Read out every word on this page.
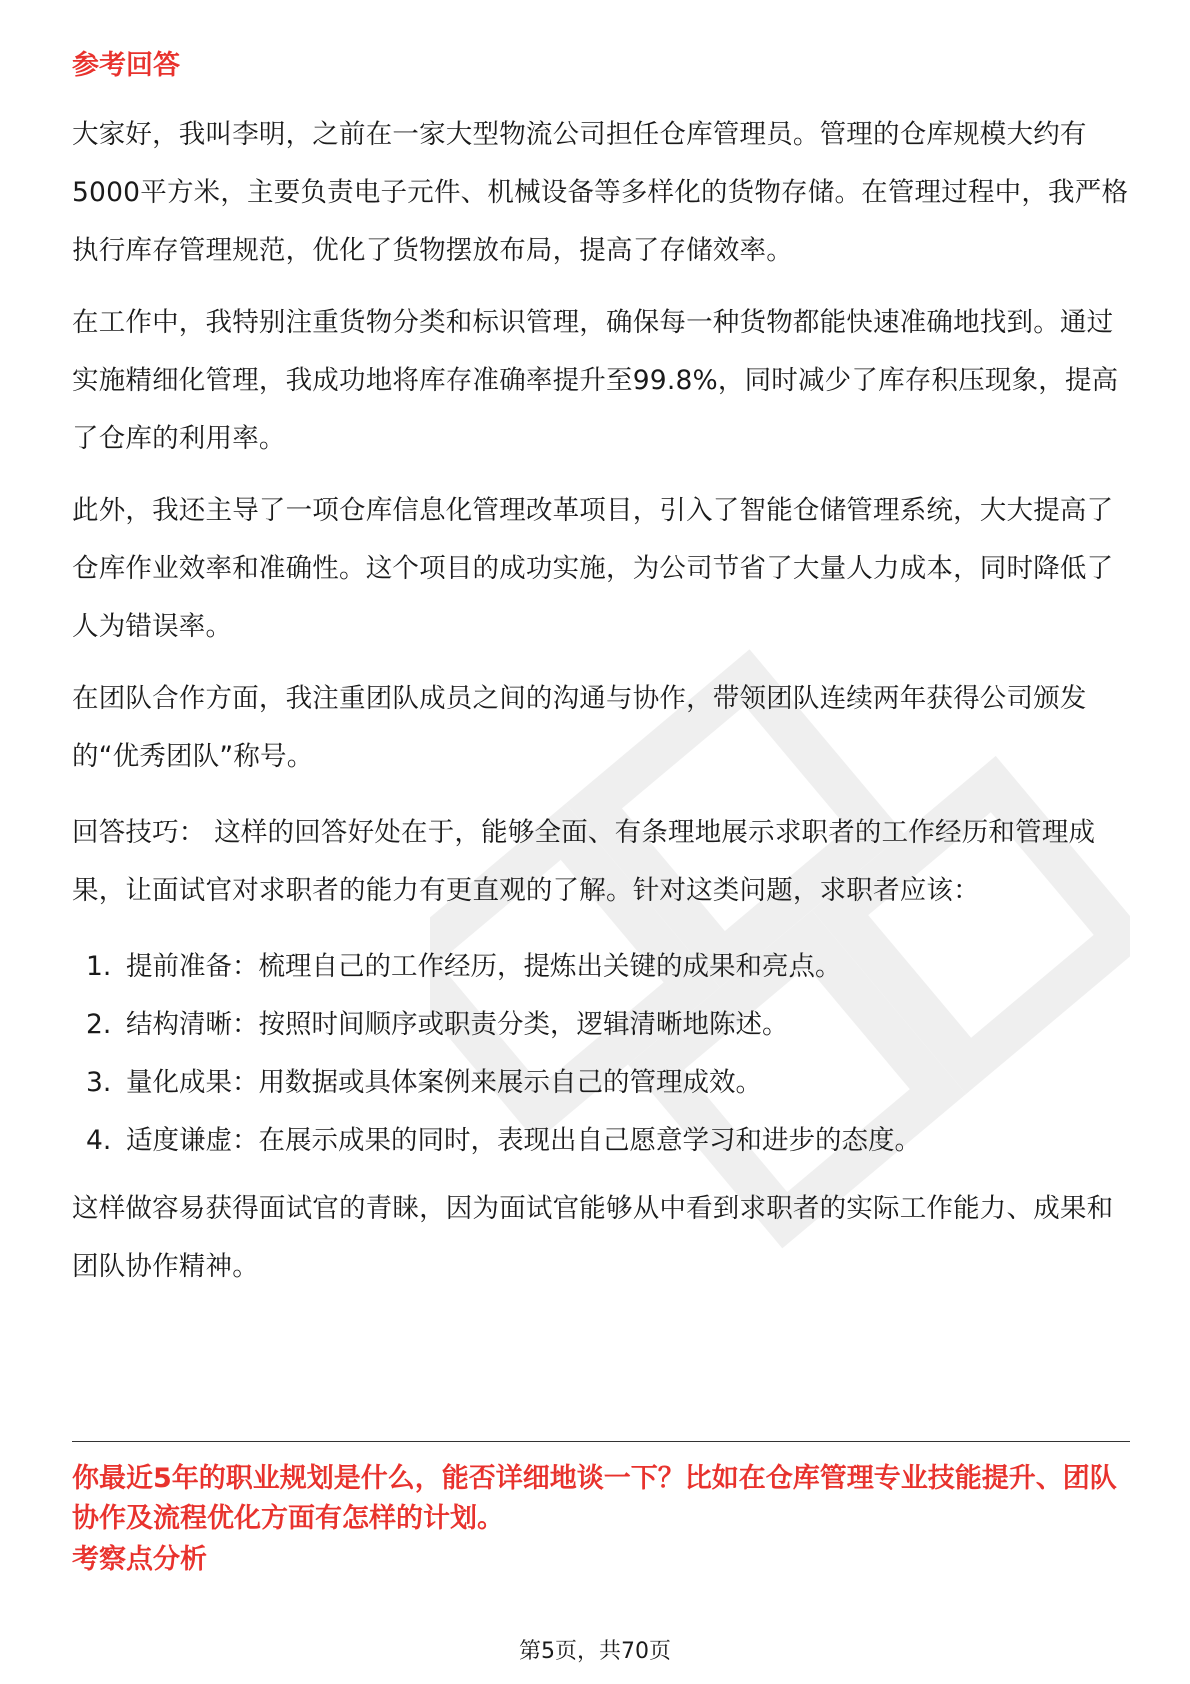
参考回答

大家好，我叫李明，之前在一家大型物流公司担任仓库管理员。管理的仓库规模大约有5000平方米，主要负责电子元件、机械设备等多样化的货物存储。在管理过程中，我严格执行库存管理规范，优化了货物摆放布局，提高了存储效率。

在工作中，我特别注重货物分类和标识管理，确保每一种货物都能快速准确地找到。通过实施精细化管理，我成功地将库存准确率提升至99.8%，同时减少了库存积压现象，提高了仓库的利用率。

此外，我还主导了一项仓库信息化管理改革项目，引入了智能仓储管理系统，大大提高了仓库作业效率和准确性。这个项目的成功实施，为公司节省了大量人力成本，同时降低了人为错误率。

在团队合作方面，我注重团队成员之间的沟通与协作，带领团队连续两年获得公司颁发的“优秀团队”称号。

回答技巧： 这样的回答好处在于，能够全面、有条理地展示求职者的工作经历和管理成果，让面试官对求职者的能力有更直观的了解。针对这类问题，求职者应该：

1. 提前准备：梳理自己的工作经历，提炼出关键的成果和亮点。
2. 结构清晰：按照时间顺序或职责分类，逻辑清晰地陈述。
3. 量化成果：用数据或具体案例来展示自己的管理成效。
4. 适度谦虚：在展示成果的同时，表现出自己愿意学习和进步的态度。

这样做容易获得面试官的青睐，因为面试官能够从中看到求职者的实际工作能力、成果和团队协作精神。

你最近5年的职业规划是什么，能否详细地谈一下？比如在仓库管理专业技能提升、团队协作及流程优化方面有怎样的计划。

考察点分析
第5页，共70页
